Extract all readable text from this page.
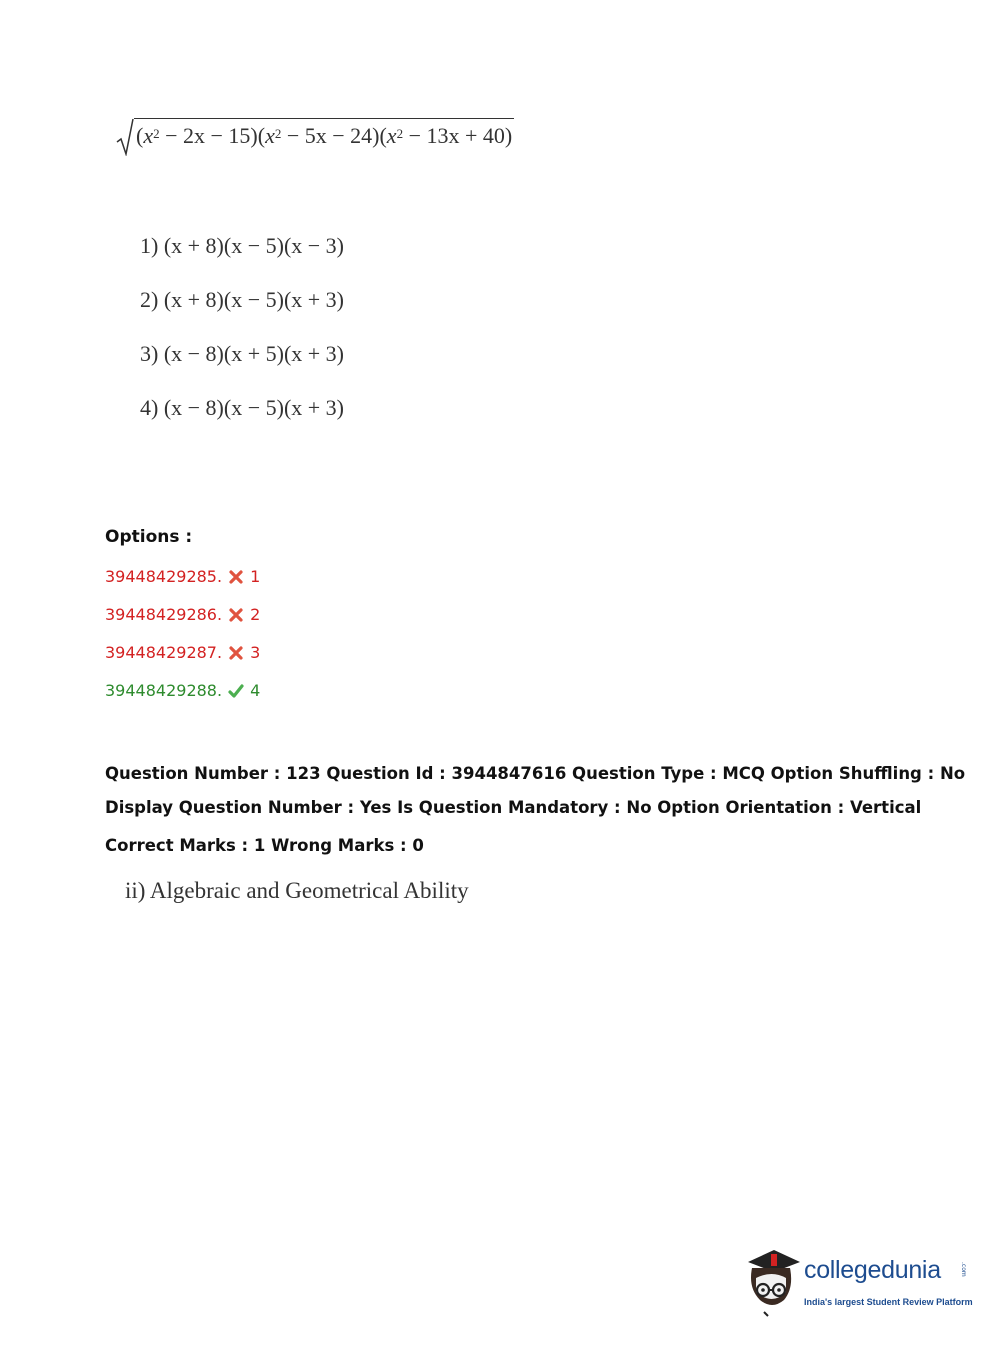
$(x^2 - 2x - 15)(x^2 - 5x - 24)(x^2 - 13x + 40)$
1) (x + 8)(x − 5)(x − 3)
2) (x + 8)(x − 5)(x + 3)
3) (x − 8)(x + 5)(x + 3)
4) (x − 8)(x − 5)(x + 3)
Options :
39448429285. 1
39448429286. 2
39448429287. 3
39448429288. 4
Question Number : 123 Question Id : 3944847616 Question Type : MCQ Option Shuffling : No
Display Question Number : Yes Is Question Mandatory : No Option Orientation : Vertical
Correct Marks : 1 Wrong Marks : 0
ii) Algebraic and Geometrical Ability
collegedunia	.com
India's largest Student Review Platform
